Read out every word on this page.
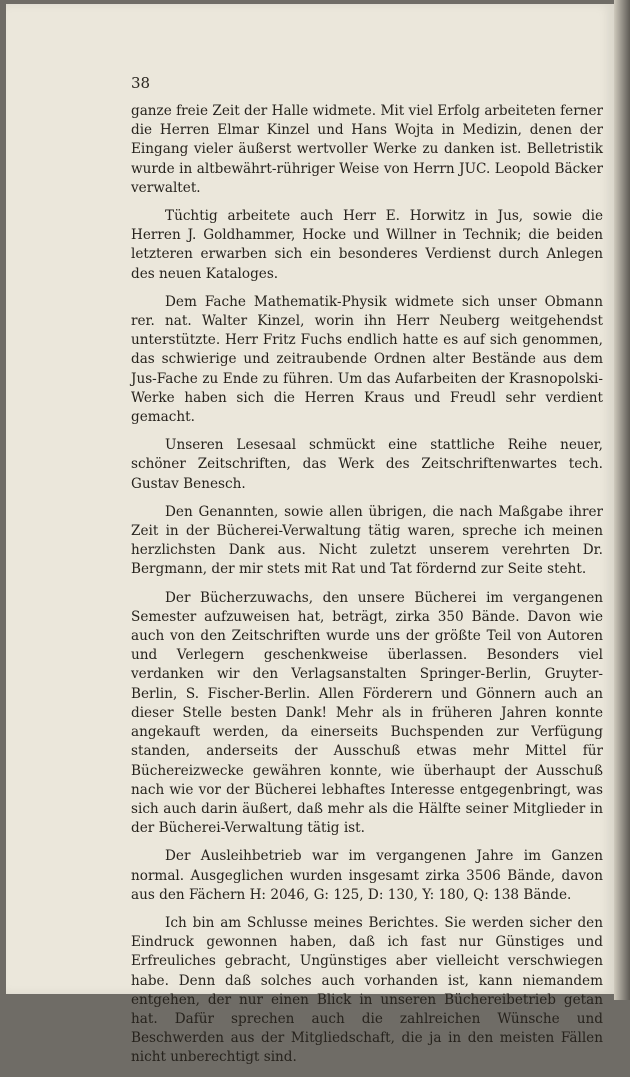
38

ganze freie Zeit der Halle widmete. Mit viel Erfolg arbeiteten ferner die Herren Elmar Kinzel und Hans Wojta in Medizin, denen der Eingang vieler äußerst wertvoller Werke zu danken ist. Belletristik wurde in altbewährt-rühriger Weise von Herrn JUC. Leopold Bäcker verwaltet.

Tüchtig arbeitete auch Herr E. Horwitz in Jus, sowie die Herren J. Goldhammer, Hocke und Willner in Technik; die beiden letzteren erwarben sich ein besonderes Verdienst durch Anlegen des neuen Kataloges.

Dem Fache Mathematik-Physik widmete sich unser Obmann rer. nat. Walter Kinzel, worin ihn Herr Neuberg weitgehendst unterstützte. Herr Fritz Fuchs endlich hatte es auf sich genommen, das schwierige und zeitraubende Ordnen alter Bestände aus dem Jus-Fache zu Ende zu führen. Um das Aufarbeiten der Krasnopolski-Werke haben sich die Herren Kraus und Freudl sehr verdient gemacht.

Unseren Lesesaal schmückt eine stattliche Reihe neuer, schöner Zeitschriften, das Werk des Zeitschriftenwartes tech. Gustav Benesch.

Den Genannten, sowie allen übrigen, die nach Maßgabe ihrer Zeit in der Bücherei-Verwaltung tätig waren, spreche ich meinen herzlichsten Dank aus. Nicht zuletzt unserem verehrten Dr. Bergmann, der mir stets mit Rat und Tat fördernd zur Seite steht.

Der Bücherzuwachs, den unsere Bücherei im vergangenen Semester aufzuweisen hat, beträgt, zirka 350 Bände. Davon wie auch von den Zeitschriften wurde uns der größte Teil von Autoren und Verlegern geschenkweise überlassen. Besonders viel verdanken wir den Verlagsanstalten Springer-Berlin, Gruyter-Berlin, S. Fischer-Berlin. Allen Förderern und Gönnern auch an dieser Stelle besten Dank! Mehr als in früheren Jahren konnte angekauft werden, da einerseits Buchspenden zur Verfügung standen, anderseits der Ausschuß etwas mehr Mittel für Büchereizwecke gewähren konnte, wie überhaupt der Ausschuß nach wie vor der Bücherei lebhaftes Interesse entgegenbringt, was sich auch darin äußert, daß mehr als die Hälfte seiner Mitglieder in der Bücherei-Verwaltung tätig ist.

Der Ausleihbetrieb war im vergangenen Jahre im Ganzen normal. Ausgeglichen wurden insgesamt zirka 3506 Bände, davon aus den Fächern H: 2046, G: 125, D: 130, Y: 180, Q: 138 Bände.

Ich bin am Schlusse meines Berichtes. Sie werden sicher den Eindruck gewonnen haben, daß ich fast nur Günstiges und Erfreuliches gebracht, Ungünstiges aber vielleicht verschwiegen habe. Denn daß solches auch vorhanden ist, kann niemandem entgehen, der nur einen Blick in unseren Büchereibetrieb getan hat. Dafür sprechen auch die zahlreichen Wünsche und Beschwerden aus der Mitgliedschaft, die ja in den meisten Fällen nicht unberechtigt sind.
